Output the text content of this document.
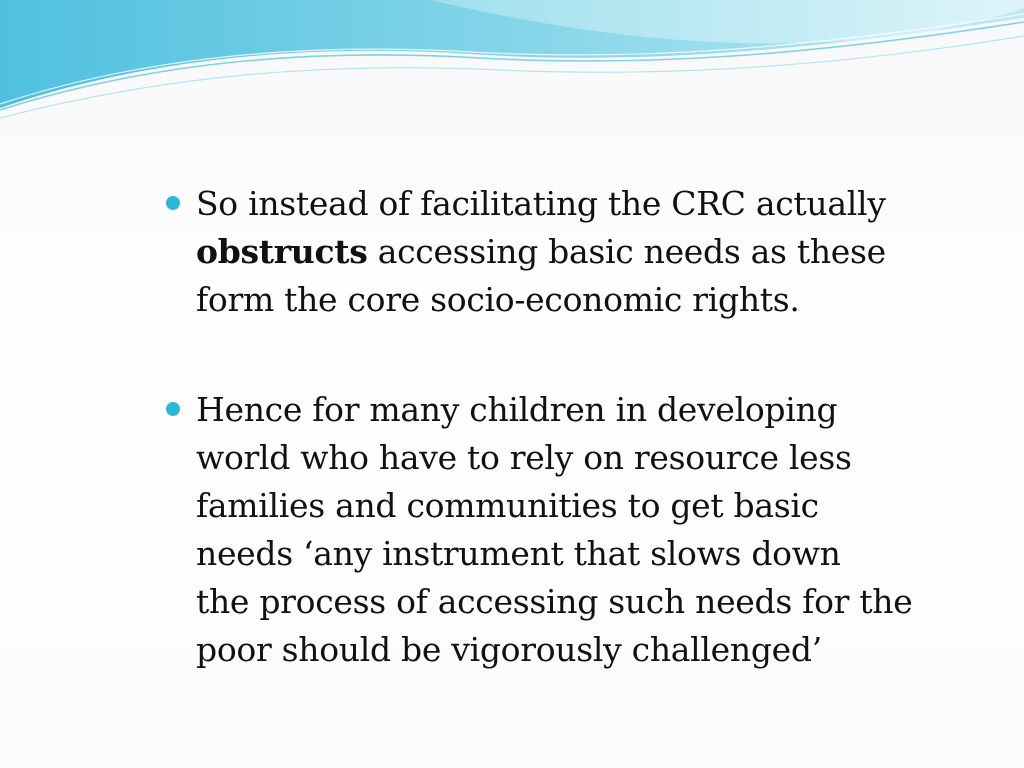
So instead of facilitating the CRC actually
obstructs accessing basic needs as these
form the core socio-economic rights.
Hence for many children in developing
world who have to rely on resource less
families and communities to get basic
needs ‘any instrument that slows down
the process of accessing such needs for the
poor should be vigorously challenged’
